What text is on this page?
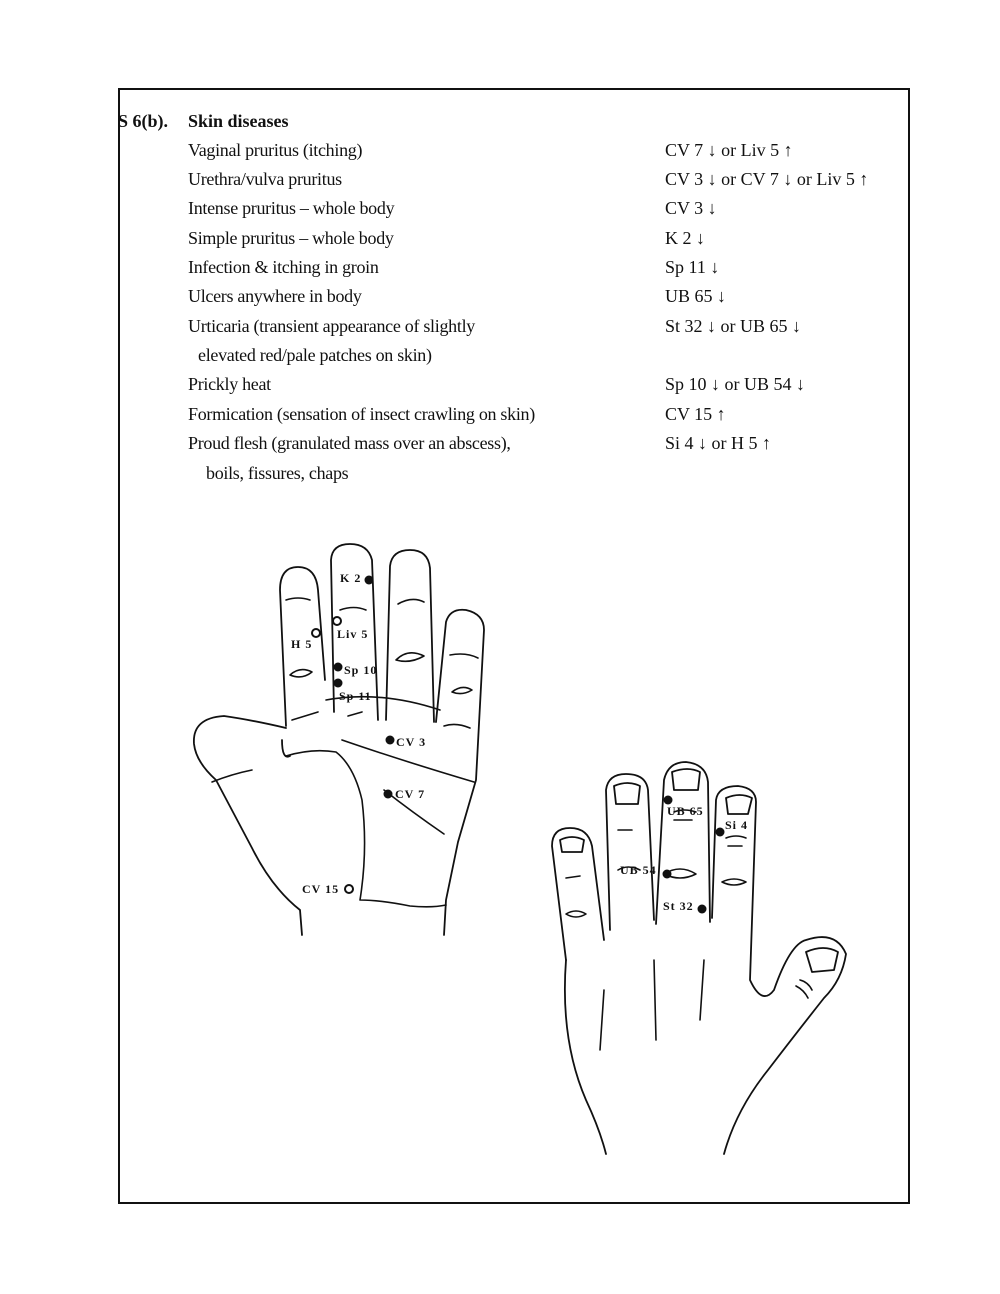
S 6(b). Skin diseases
Vaginal pruritus (itching)	CV 7 ↓ or Liv 5 ↑
Urethra/vulva pruritus	CV 3 ↓ or CV 7 ↓ or Liv 5 ↑
Intense pruritus – whole body	CV 3 ↓
Simple pruritus – whole body	K 2 ↓
Infection & itching in groin	Sp 11 ↓
Ulcers anywhere in body	UB 65 ↓
Urticaria (transient appearance of slightly	St 32 ↓ or UB 65 ↓
elevated red/pale patches on skin)
Prickly heat	Sp 10 ↓ or UB 54 ↓
Formication (sensation of insect crawling on skin)	CV 15 ↑
Proud flesh (granulated mass over an abscess),	Si 4 ↓ or H 5 ↑
boils, fissures, chaps
K 2
Liv 5
H 5
Sp 10
Sp 11
CV 3
CV 7
CV 15
UB 65
Si 4
UB 54
St 32
